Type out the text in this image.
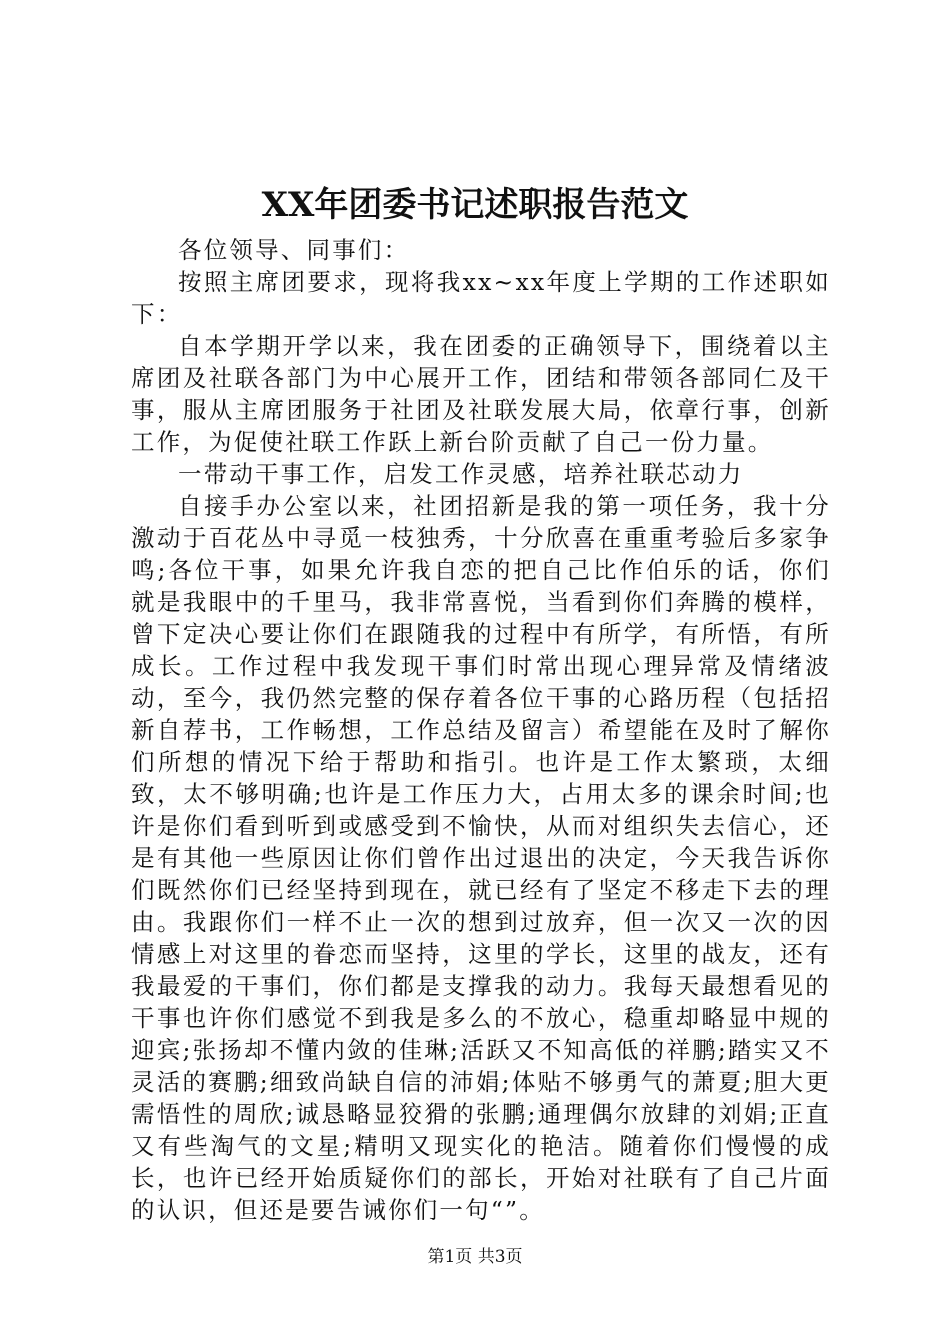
XX年团委书记述职报告范文

各位领导、同事们：

按照主席团要求，现将我xx~xx年度上学期的工作述职如下：

自本学期开学以来，我在团委的正确领导下，围绕着以主席团及社联各部门为中心展开工作，团结和带领各部同仁及干事，服从主席团服务于社团及社联发展大局，依章行事，创新工作，为促使社联工作跃上新台阶贡献了自己一份力量。

一带动干事工作，启发工作灵感，培养社联芯动力

自接手办公室以来，社团招新是我的第一项任务，我十分激动于百花丛中寻觅一枝独秀，十分欣喜在重重考验后多家争鸣;各位干事，如果允许我自恋的把自己比作伯乐的话，你们就是我眼中的千里马，我非常喜悦，当看到你们奔腾的模样，曾下定决心要让你们在跟随我的过程中有所学，有所悟，有所成长。工作过程中我发现干事们时常出现心理异常及情绪波动，至今，我仍然完整的保存着各位干事的心路历程（包括招新自荐书，工作畅想，工作总结及留言）希望能在及时了解你们所想的情况下给于帮助和指引。也许是工作太繁琐，太细致，太不够明确;也许是工作压力大，占用太多的课余时间;也许是你们看到听到或感受到不愉快，从而对组织失去信心，还是有其他一些原因让你们曾作出过退出的决定，今天我告诉你们既然你们已经坚持到现在，就已经有了坚定不移走下去的理由。我跟你们一样不止一次的想到过放弃，但一次又一次的因情感上对这里的眷恋而坚持，这里的学长，这里的战友，还有我最爱的干事们，你们都是支撑我的动力。我每天最想看见的干事也许你们感觉不到我是多么的不放心，稳重却略显中规的迎宾;张扬却不懂内敛的佳琳;活跃又不知高低的祥鹏;踏实又不灵活的赛鹏;细致尚缺自信的沛娟;体贴不够勇气的萧夏;胆大更需悟性的周欣;诚恳略显狡猾的张鹏;通理偶尔放肆的刘娟;正直又有些淘气的文星;精明又现实化的艳洁。随着你们慢慢的成长，也许已经开始质疑你们的部长，开始对社联有了自己片面的认识，但还是要告诫你们一句“”。

第1页 共3页
